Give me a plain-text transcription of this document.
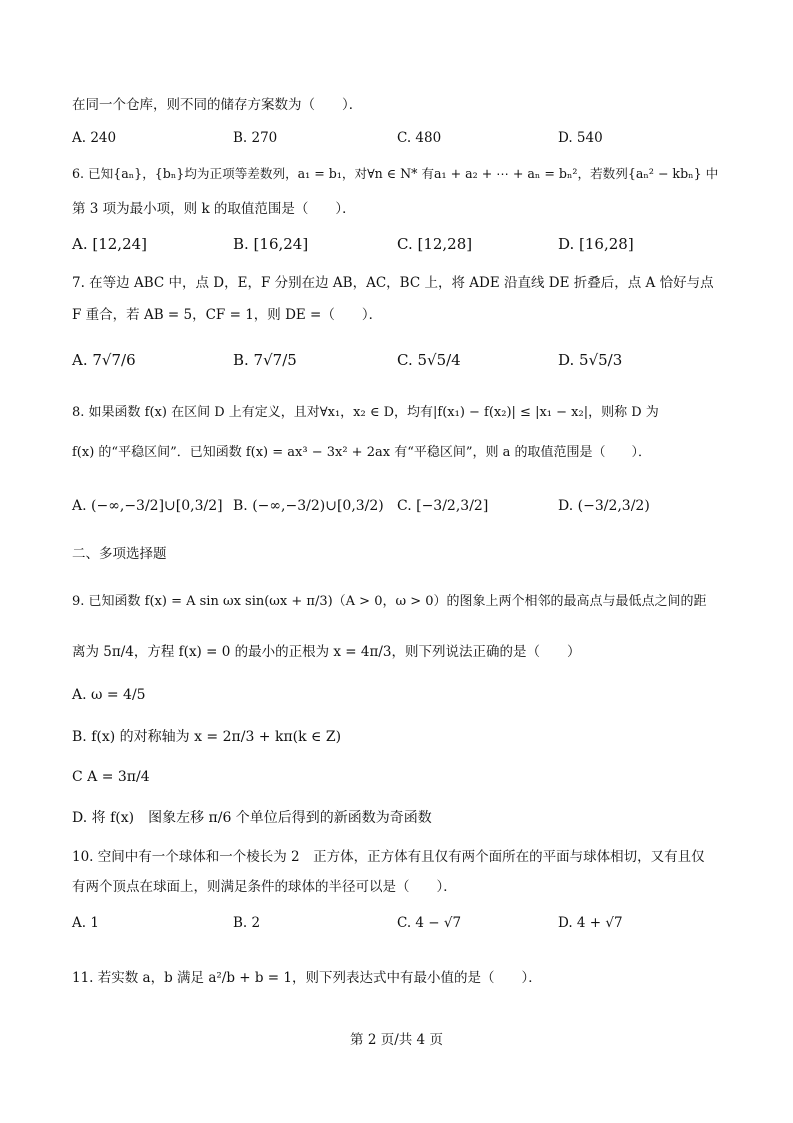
在同一个仓库，则不同的储存方案数为（　　）．
A. 240	B. 270	C. 480	D. 540
6. 已知{aₙ}，{bₙ}均为正项等差数列，a₁ = b₁，对∀n ∈ N* 有a₁ + a₂ + ⋯ + aₙ = bₙ²，若数列{aₙ² − kbₙ} 中
第 3 项为最小项，则 k 的取值范围是（　　）．
A. [12,24]	B. [16,24]	C. [12,28]	D. [16,28]
7. 在等边 ABC 中，点 D，E，F 分别在边 AB，AC，BC 上，将 ADE 沿直线 DE 折叠后，点 A 恰好与点
F 重合，若 AB = 5，CF = 1，则 DE =（　　）．
A. 7√7/6	B. 7√7/5	C. 5√5/4	D. 5√5/3
8. 如果函数 f(x) 在区间 D 上有定义，且对∀x₁，x₂ ∈ D，均有|f(x₁) − f(x₂)| ≤ |x₁ − x₂|，则称 D 为
f(x) 的“平稳区间”．已知函数 f(x) = ax³ − 3x² + 2ax 有“平稳区间”，则 a 的取值范围是（　　）．
A. (−∞,−3/2]∪[0,3/2] B. (−∞,−3/2)∪[0,3/2) C. [−3/2,3/2]	D. (−3/2,3/2)
二、多项选择题
9. 已知函数 f(x) = A sin ωx sin(ωx + π/3)（A > 0，ω > 0）的图象上两个相邻的最高点与最低点之间的距
离为 5π/4，方程 f(x) = 0 的最小的正根为 x = 4π/3，则下列说法正确的是（　　）
A. ω = 4/5
B. f(x) 的对称轴为 x = 2π/3 + kπ(k ∈ Z)
C A = 3π/4
D. 将 f(x)　图象左移 π/6 个单位后得到的新函数为奇函数
10. 空间中有一个球体和一个棱长为 2　正方体，正方体有且仅有两个面所在的平面与球体相切，又有且仅
有两个顶点在球面上，则满足条件的球体的半径可以是（　　）．
A. 1	B. 2	C. 4 − √7	D. 4 + √7
11. 若实数 a，b 满足 a²/b + b = 1，则下列表达式中有最小值的是（　　）．
第 2 页/共 4 页
